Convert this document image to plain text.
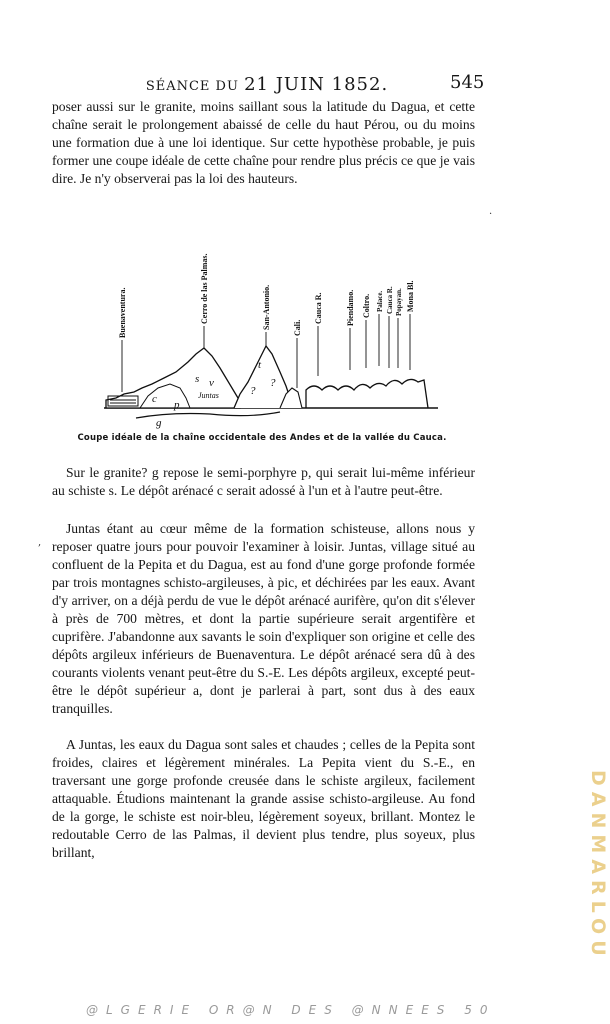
SÉANCE DU 21 JUIN 1852.	545

poser aussi sur le granite, moins saillant sous la latitude du Dagua, et cette chaîne serait le prolongement abaissé de celle du haut Pérou, ou du moins une formation due à une loi identique. Sur cette hypothèse probable, je puis former une coupe idéale de cette chaîne pour rendre plus précis ce que je vais dire. Je n'y observerai pas la loi des hauteurs.

.
,
Buenaventura.	Cerro de las Palmas.	San-Antonio.	Cali.
Cauca R.	Piendamo. Coltro. Palace. Cauca R. Popayan. Mona Bl.
c
s v
p
g
t
?
?
Juntas
Coupe idéale de la chaîne occidentale des Andes et de la vallée du Cauca.

Sur le granite? g repose le semi-porphyre p, qui serait lui-même inférieur au schiste s. Le dépôt arénacé c serait adossé à l'un et à l'autre peut-être.

Juntas étant au cœur même de la formation schisteuse, allons nous y reposer quatre jours pour pouvoir l'examiner à loisir. Juntas, village situé au confluent de la Pepita et du Dagua, est au fond d'une gorge profonde formée par trois montagnes schisto-argileuses, à pic, et déchirées par les eaux. Avant d'y arriver, on a déjà perdu de vue le dépôt arénacé aurifère, qu'on dit s'élever à près de 700 mètres, et dont la partie supérieure serait argentifère et cuprifère. J'abandonne aux savants le soin d'expliquer son origine et celle des dépôts argileux inférieurs de Buenaventura. Le dépôt arénacé sera dû à des courants violents venant peut-être du S.-E. Les dépôts argileux, excepté peut-être le dépôt supérieur a, dont je parlerai à part, sont dus à des eaux tranquilles.

A Juntas, les eaux du Dagua sont sales et chaudes ; celles de la Pepita sont froides, claires et légèrement minérales. La Pepita vient du S.-E., en traversant une gorge profonde creusée dans le schiste argileux, facilement attaquable. Étudions maintenant la grande assise schisto-argileuse. Au fond de la gorge, le schiste est noir-bleu, légèrement soyeux, brillant. Montez le redoutable Cerro de las Palmas, il devient plus tendre, plus soyeux, plus brillant,	DANMARLOU
@LGERIE OR@N DES @NNEES 50
